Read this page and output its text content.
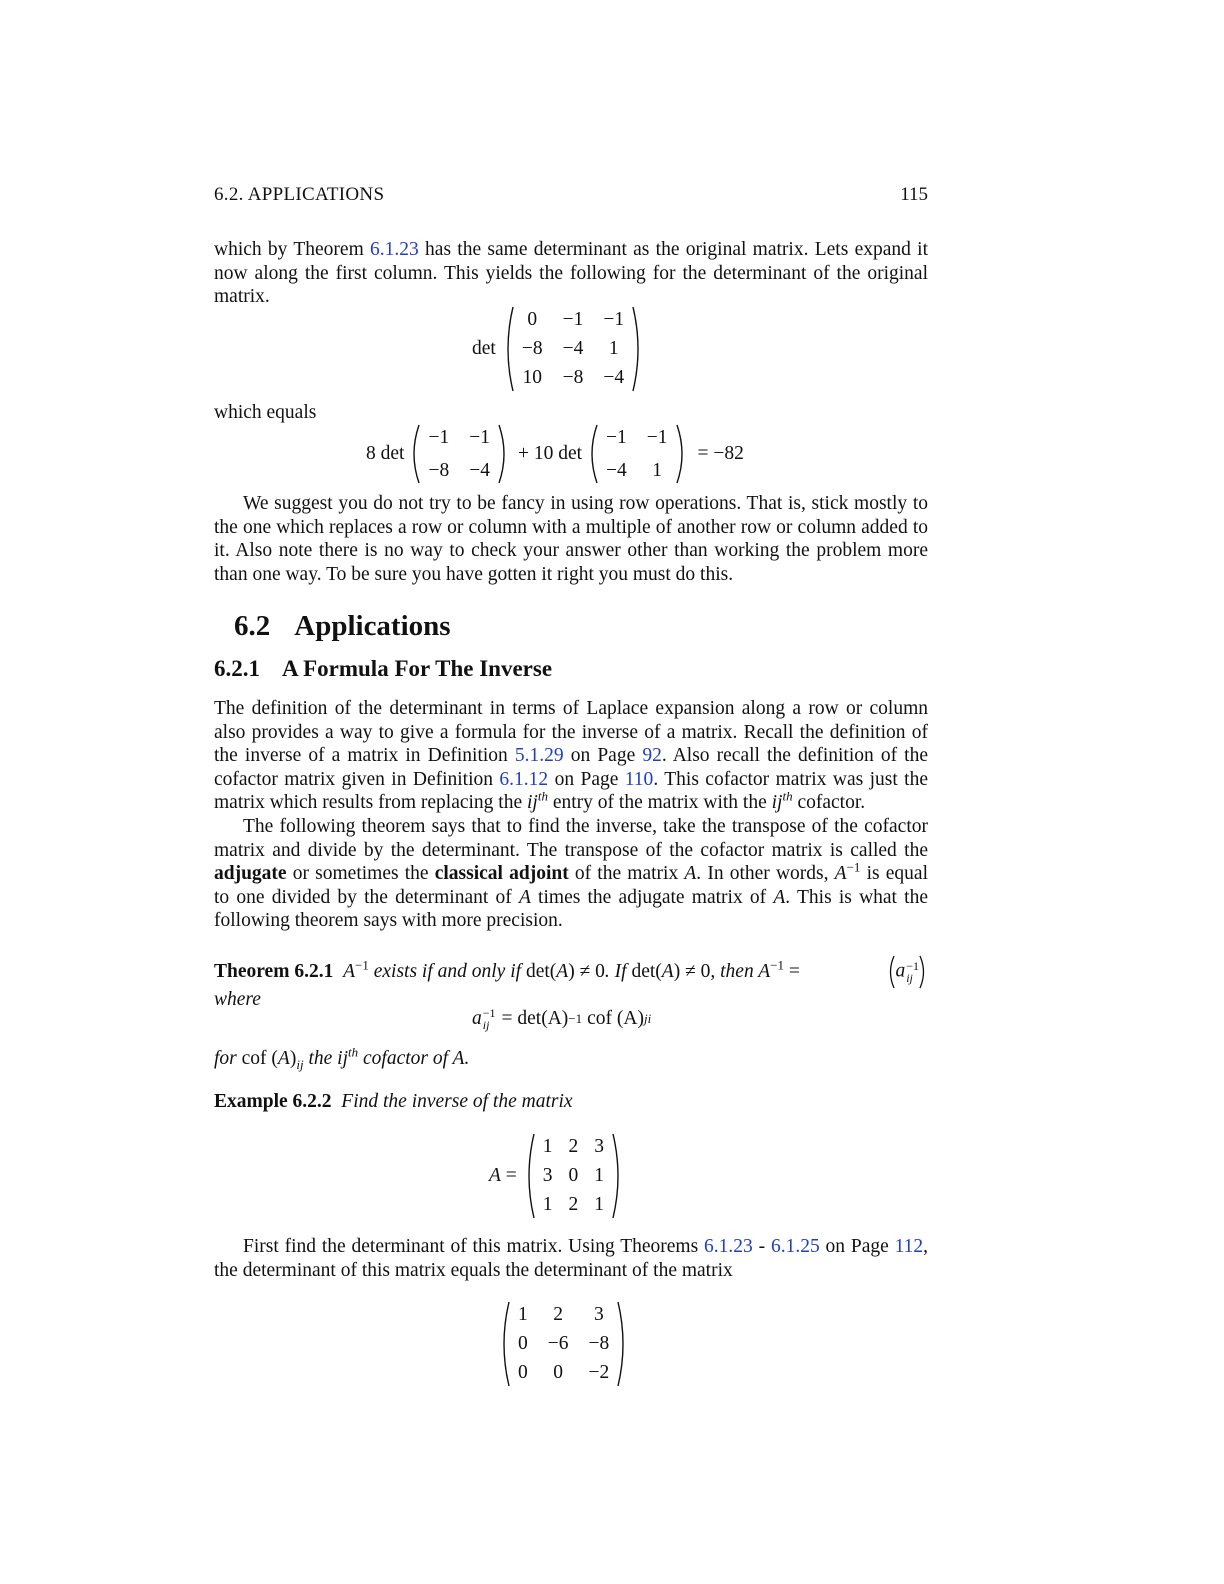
6.2. APPLICATIONS	115

which by Theorem 6.1.23 has the same determinant as the original matrix. Lets expand it now along the first column. This yields the following for the determinant of the original matrix.

det
0 −1 −1
−8 −4 1
10 −8 −4

which equals

8 det
−1 −1
−8 −4
+ 10 det
−1 −1
−4 1
= −82

We suggest you do not try to be fancy in using row operations. That is, stick mostly to the one which replaces a row or column with a multiple of another row or column added to it. Also note there is no way to check your answer other than working the problem more than one way. To be sure you have gotten it right you must do this.

6.2 Applications
6.2.1 A Formula For The Inverse

The definition of the determinant in terms of Laplace expansion along a row or column also provides a way to give a formula for the inverse of a matrix. Recall the definition of the inverse of a matrix in Definition 5.1.29 on Page 92. Also recall the definition of the cofactor matrix given in Definition 6.1.12 on Page 110. This cofactor matrix was just the matrix which results from replacing the $ij^{th}$ entry of the matrix with the $ij^{th}$ cofactor.

The following theorem says that to find the inverse, take the transpose of the cofactor matrix and divide by the determinant. The transpose of the cofactor matrix is called the adjugate or sometimes the classical adjoint of the matrix A. In other words, $A^{-1}$ is equal to one divided by the determinant of A times the adjugate matrix of A. This is what the following theorem says with more precision.

Theorem 6.2.1 $A^{-1}$ exists if and only if det(A) ≠ 0. If det(A) ≠ 0, then $A^{-1}$ =	a −1
ij
where
a −1
ij = det(A) −1 cof (A) ji
for cof $(A)_{ij}$ the $ij^{th}$ cofactor of A.
Example 6.2.2 Find the inverse of the matrix
A =
1 2 3
3 0 1
1 2 1

First find the determinant of this matrix. Using Theorems 6.1.23 - 6.1.25 on Page 112, the determinant of this matrix equals the determinant of the matrix

1 2 3
0 −6 −8
0 0 −2
